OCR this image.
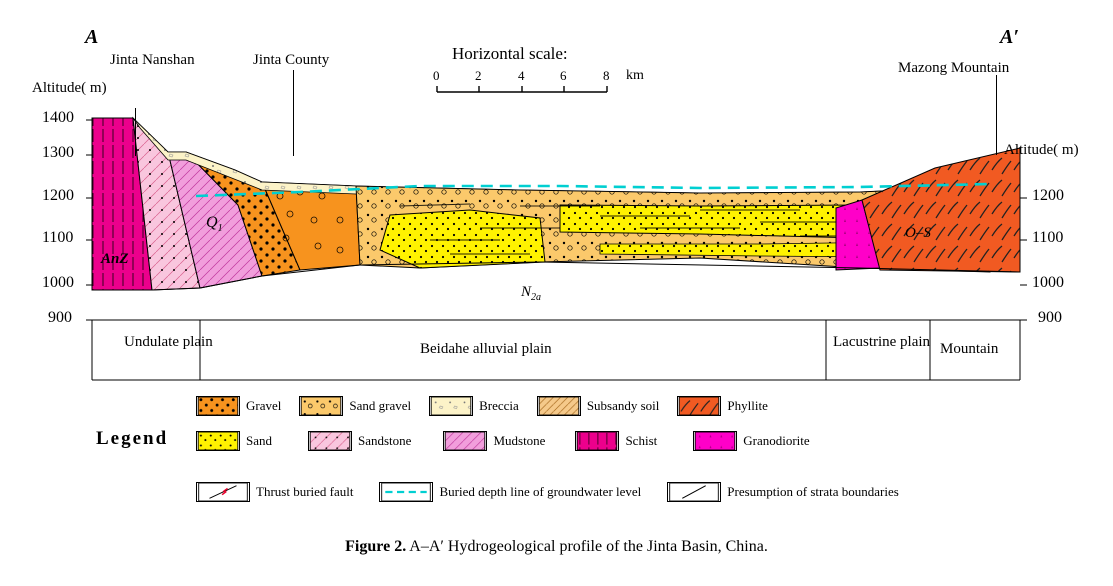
A	A′
Jinta Nanshan	Jinta County	Mazong Mountain
Altitude( m)
Altitude( m)
1400
1300
1200
1100
1000
900
1200
1100
1000
900
AnZ
$Q_1$
$N_{2a}$
O–S
Horizontal scale:
0	2	4	6	8 km
Undulate plain	Beidahe alluvial plain	Lacustrine plain Mountain
Legend
Gravel	Sand gravel	Breccia	Subsandy soil	Phyllite
Sand	Sandstone	Mudstone	Schist	Granodiorite
Thrust buried fault	Buried depth line of groundwater level	Presumption of strata boundaries
Figure 2. A–A′ Hydrogeological profile of the Jinta Basin, China.
